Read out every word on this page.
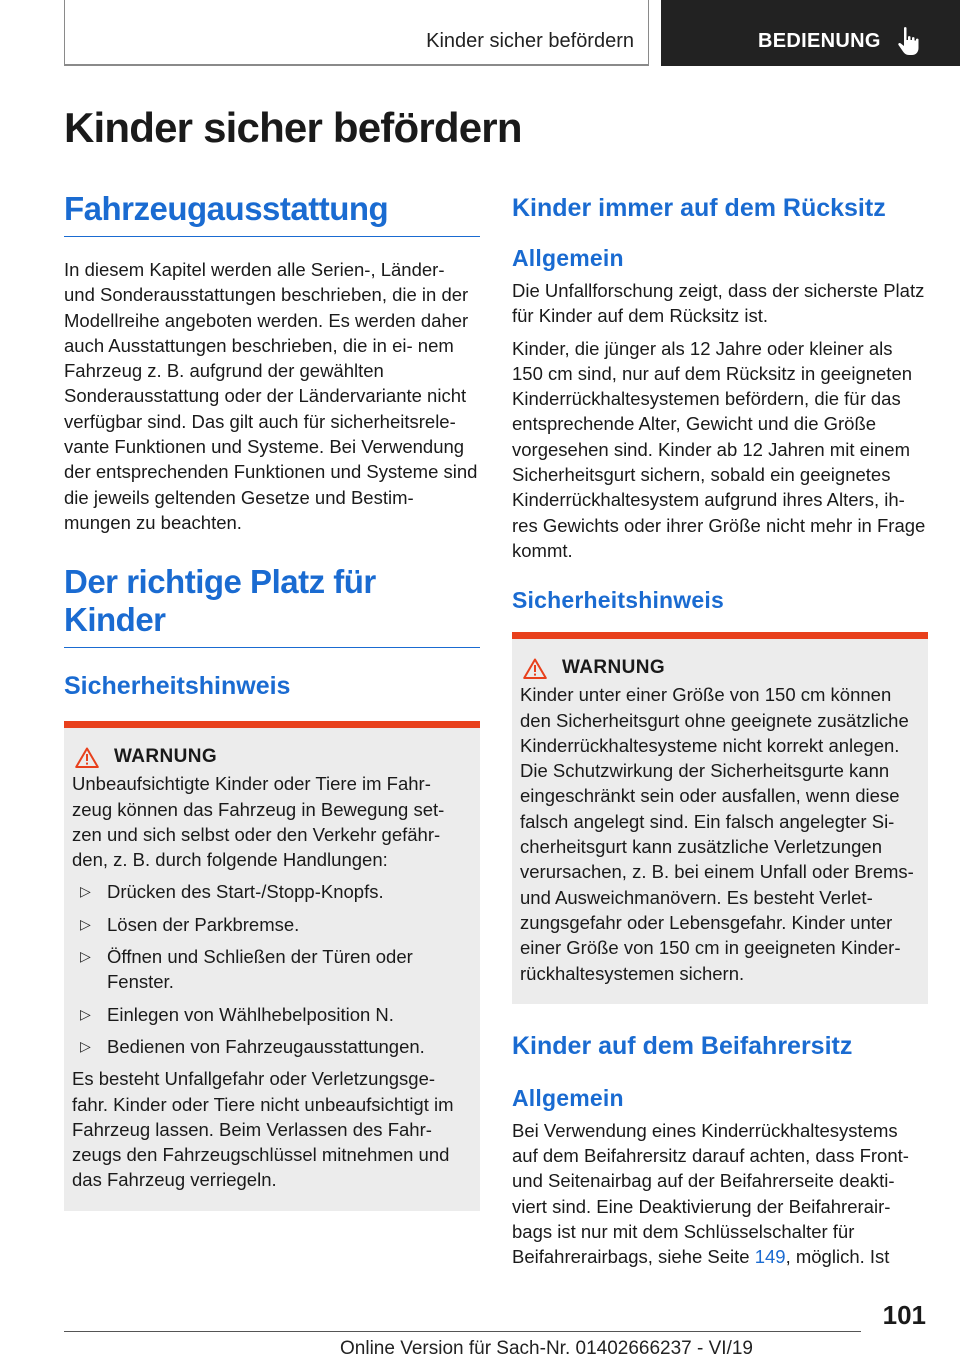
Kinder sicher befördern	BEDIENUNG
Kinder sicher befördern
Fahrzeugausstattung

In diesem Kapitel werden alle Serien-, Länder- und Sonderausstattungen beschrieben, die in der Modellreihe angeboten werden. Es werden daher auch Ausstattungen beschrieben, die in ei- nem Fahrzeug z. B. aufgrund der gewählten Sonderausstattung oder der Ländervariante nicht verfügbar sind. Das gilt auch für sicherheitsrele- vante Funktionen und Systeme. Bei Verwendung der entsprechenden Funktionen und Systeme sind die jeweils geltenden Gesetze und Bestim- mungen zu beachten.

Der richtige Platz für Kinder
Sicherheitshinweis
WARNUNG

Unbeaufsichtigte Kinder oder Tiere im Fahr- zeug können das Fahrzeug in Bewegung set- zen und sich selbst oder den Verkehr gefähr- den, z. B. durch folgende Handlungen:

▷ Drücken des Start-/Stopp-Knopfs.
▷ Lösen der Parkbremse.
▷ Öffnen und Schließen der Türen oder Fenster.
▷ Einlegen von Wählhebelposition N.
▷ Bedienen von Fahrzeugausstattungen.

Es besteht Unfallgefahr oder Verletzungsge- fahr. Kinder oder Tiere nicht unbeaufsichtigt im Fahrzeug lassen. Beim Verlassen des Fahr- zeugs den Fahrzeugschlüssel mitnehmen und das Fahrzeug verriegeln.

Kinder immer auf dem Rücksitz
Allgemein

Die Unfallforschung zeigt, dass der sicherste Platz für Kinder auf dem Rücksitz ist.

Kinder, die jünger als 12 Jahre oder kleiner als 150 cm sind, nur auf dem Rücksitz in geeigneten Kinderrückhaltesystemen befördern, die für das entsprechende Alter, Gewicht und die Größe vorgesehen sind. Kinder ab 12 Jahren mit einem Sicherheitsgurt sichern, sobald ein geeignetes Kinderrückhaltesystem aufgrund ihres Alters, ih- res Gewichts oder ihrer Größe nicht mehr in Frage kommt.

Sicherheitshinweis
WARNUNG

Kinder unter einer Größe von 150 cm können den Sicherheitsgurt ohne geeignete zusätzliche Kinderrückhaltesysteme nicht korrekt anlegen. Die Schutzwirkung der Sicherheitsgurte kann eingeschränkt sein oder ausfallen, wenn diese falsch angelegt sind. Ein falsch angelegter Si- cherheitsgurt kann zusätzliche Verletzungen verursachen, z. B. bei einem Unfall oder Brems- und Ausweichmanövern. Es besteht Verlet- zungsgefahr oder Lebensgefahr. Kinder unter einer Größe von 150 cm in geeigneten Kinder- rückhaltesystemen sichern.

Kinder auf dem Beifahrersitz
Allgemein

Bei Verwendung eines Kinderrückhaltesystems auf dem Beifahrersitz darauf achten, dass Front- und Seitenairbag auf der Beifahrerseite deakti- viert sind. Eine Deaktivierung der Beifahrerair- bags ist nur mit dem Schlüsselschalter für Beifahrerairbags, siehe Seite 149, möglich. Ist

101
Online Version für Sach-Nr. 01402666237 - VI/19
